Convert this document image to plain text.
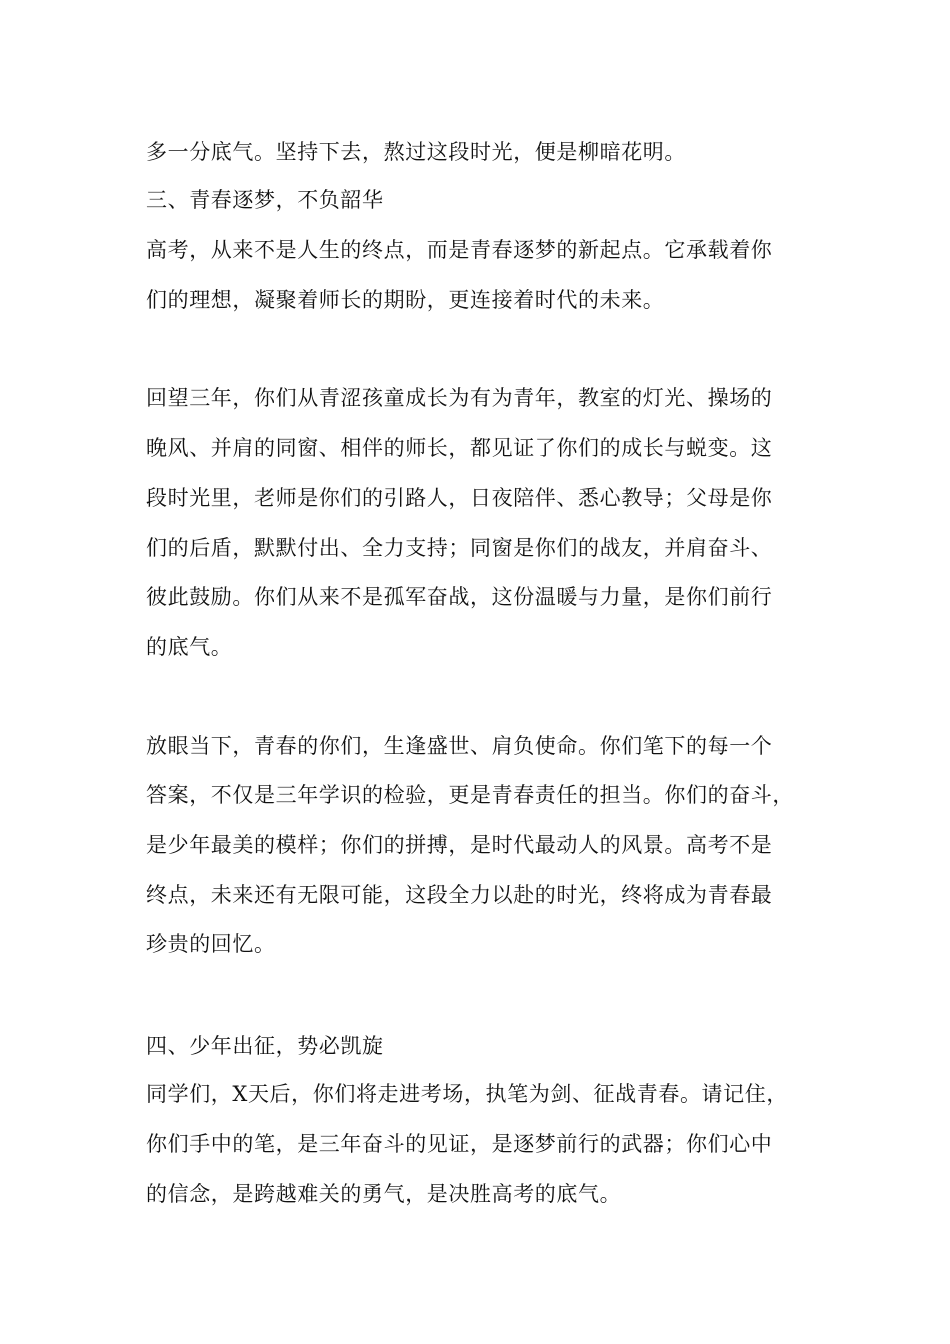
多一分底气。坚持下去，熬过这段时光，便是柳暗花明。
三、青春逐梦，不负韶华
高考，从来不是人生的终点，而是青春逐梦的新起点。它承载着你
们的理想，凝聚着师长的期盼，更连接着时代的未来。
回望三年，你们从青涩孩童成长为有为青年，教室的灯光、操场的
晚风、并肩的同窗、相伴的师长，都见证了你们的成长与蜕变。这
段时光里，老师是你们的引路人，日夜陪伴、悉心教导；父母是你
们的后盾，默默付出、全力支持；同窗是你们的战友，并肩奋斗、
彼此鼓励。你们从来不是孤军奋战，这份温暖与力量，是你们前行
的底气。
放眼当下，青春的你们，生逢盛世、肩负使命。你们笔下的每一个
答案，不仅是三年学识的检验，更是青春责任的担当。你们的奋斗，
是少年最美的模样；你们的拼搏，是时代最动人的风景。高考不是
终点，未来还有无限可能，这段全力以赴的时光，终将成为青春最
珍贵的回忆。
四、少年出征，势必凯旋
同学们，X天后，你们将走进考场，执笔为剑、征战青春。请记住，
你们手中的笔，是三年奋斗的见证，是逐梦前行的武器；你们心中
的信念，是跨越难关的勇气，是决胜高考的底气。
